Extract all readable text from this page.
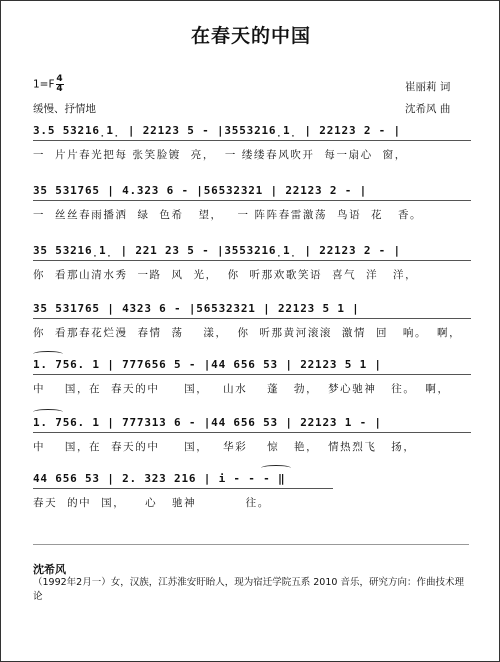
在春天的中国
$1=F \frac{4}{4}$
缓慢、抒情地
崔丽莉 词
沈希风 曲
3.5 53216̣1̣ | 22123 5 - |3553216̣1̣ | 22123 2 - |
一  片片春光把每 张笑脸镀  亮，  一 缕缕春风吹开  每一扇心  窗，
35 531765 | 4.323 6 - |56532321 | 22123 2 - |
一  丝丝春雨播洒  绿  色希   望，   一 阵阵春雷激荡  鸟语  花   香。
35 53216̣1̣ | 221 23 5 - |3553216̣1̣ | 22123 2 - |
你  看那山清水秀  一路  风  光，  你  听那欢歌笑语  喜气  洋   洋，
35 531765 | 4323 6 - |56532321 | 22123 5 1 |
你  看那春花烂漫  春情  荡    漾，  你  听那黄河滚滚  激情  回   响。  啊，
1. 756. 1 | 777656 5 - |44 656 53 | 22123 5 1 |
中    国，在  春天的中     国，   山水    蓬   勃，  梦心驰神   往。  啊，
1. 756. 1 | 777313 6 - |44 656 53 | 22123 1 - |
中    国，在  春天的中     国，   华彩    惊   艳，  情热烈飞   扬，
44 656 53 | 2. 323 216 | i - - - ‖
春天  的中  国，    心   驰神          往。
沈希风
（1992年2月一）女，汉族，江苏淮安盱眙人，现为宿迁学院五系 2010 音乐，研究方向：作曲技术理论
